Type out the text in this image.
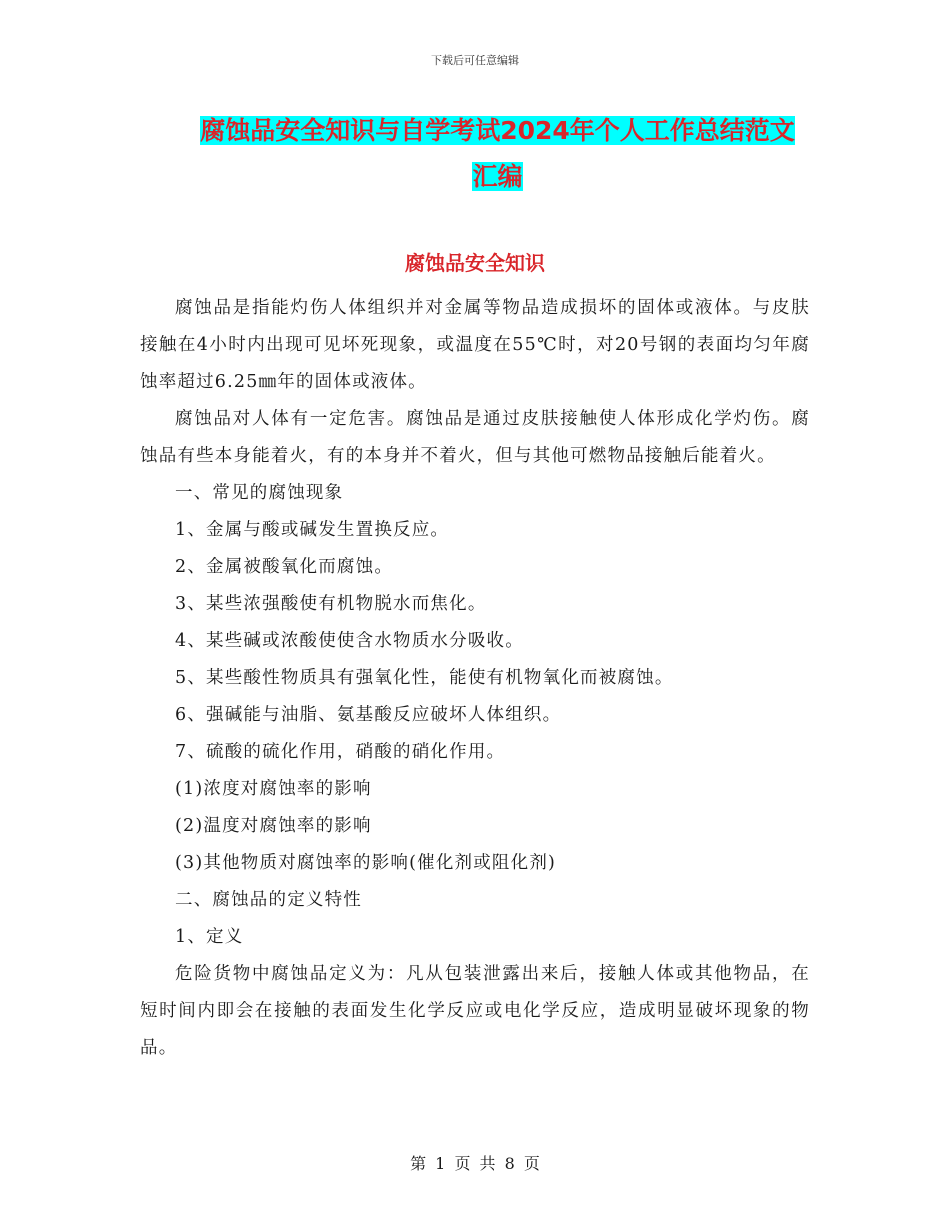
下载后可任意编辑
腐蚀品安全知识与自学考试2024年个人工作总结范文
汇编
腐蚀品安全知识

腐蚀品是指能灼伤人体组织并对金属等物品造成损坏的固体或液体。与皮肤接触在4小时内出现可见坏死现象，或温度在55℃时，对20号钢的表面均匀年腐蚀率超过6.25㎜年的固体或液体。

腐蚀品对人体有一定危害。腐蚀品是通过皮肤接触使人体形成化学灼伤。腐蚀品有些本身能着火，有的本身并不着火，但与其他可燃物品接触后能着火。

一、常见的腐蚀现象

1、金属与酸或碱发生置换反应。

2、金属被酸氧化而腐蚀。

3、某些浓强酸使有机物脱水而焦化。

4、某些碱或浓酸使使含水物质水分吸收。

5、某些酸性物质具有强氧化性，能使有机物氧化而被腐蚀。

6、强碱能与油脂、氨基酸反应破坏人体组织。

7、硫酸的硫化作用，硝酸的硝化作用。

(1)浓度对腐蚀率的影响

(2)温度对腐蚀率的影响

(3)其他物质对腐蚀率的影响(催化剂或阻化剂)

二、腐蚀品的定义特性

1、定义

危险货物中腐蚀品定义为：凡从包装泄露出来后，接触人体或其他物品，在短时间内即会在接触的表面发生化学反应或电化学反应，造成明显破坏现象的物品。

第 1 页 共 8 页
